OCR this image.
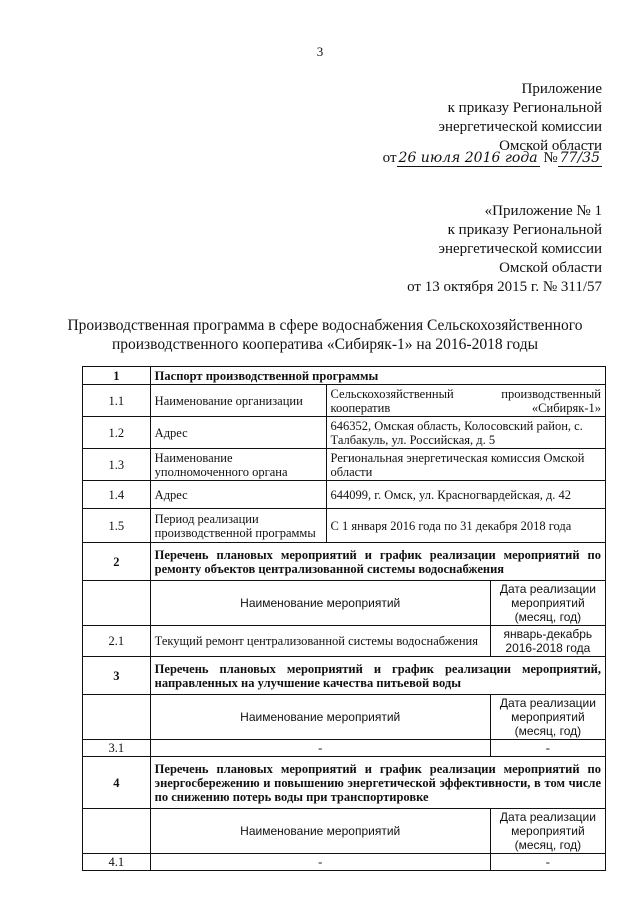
3
Приложение
к приказу Региональной
энергетической комиссии
Омской области
от 26 июля 2016 года № 77/35
«Приложение № 1
к приказу Региональной
энергетической комиссии
Омской области
от 13 октября 2015 г. № 311/57
Производственная программа в сфере водоснабжения Сельскохозяйственного
производственного кооператива «Сибиряк-1» на 2016-2018 годы
1	Паспорт производственной программы		
1.1	Наименование организации	Сельскохозяйственный производственный кооператив «Сибиряк-1»	
1.2	Адрес	646352, Омская область, Колосовский район, с. Талбакуль, ул. Российская, д. 5	
1.3	Наименование уполномоченного органа	Региональная энергетическая комиссия Омской области	
1.4	Адрес	644099, г. Омск, ул. Красногвардейская, д. 42	
1.5	Период реализации производственной программы	С 1 января 2016 года по 31 декабря 2018 года	
2	Перечень плановых мероприятий и график реализации мероприятий по ремонту объектов централизованной системы водоснабжения		
	Наименование мероприятий		Дата реализации мероприятий (месяц, год)
2.1	Текущий ремонт централизованной системы водоснабжения		январь-декабрь 2016-2018 года
3	Перечень плановых мероприятий и график реализации мероприятий, направленных на улучшение качества питьевой воды		
	Наименование мероприятий		Дата реализации мероприятий (месяц, год)
3.1	-		-
4	Перечень плановых мероприятий и график реализации мероприятий по энергосбережению и повышению энергетической эффективности, в том числе по снижению потерь воды при транспортировке		
	Наименование мероприятий		Дата реализации мероприятий (месяц, год)
4.1	-		-
